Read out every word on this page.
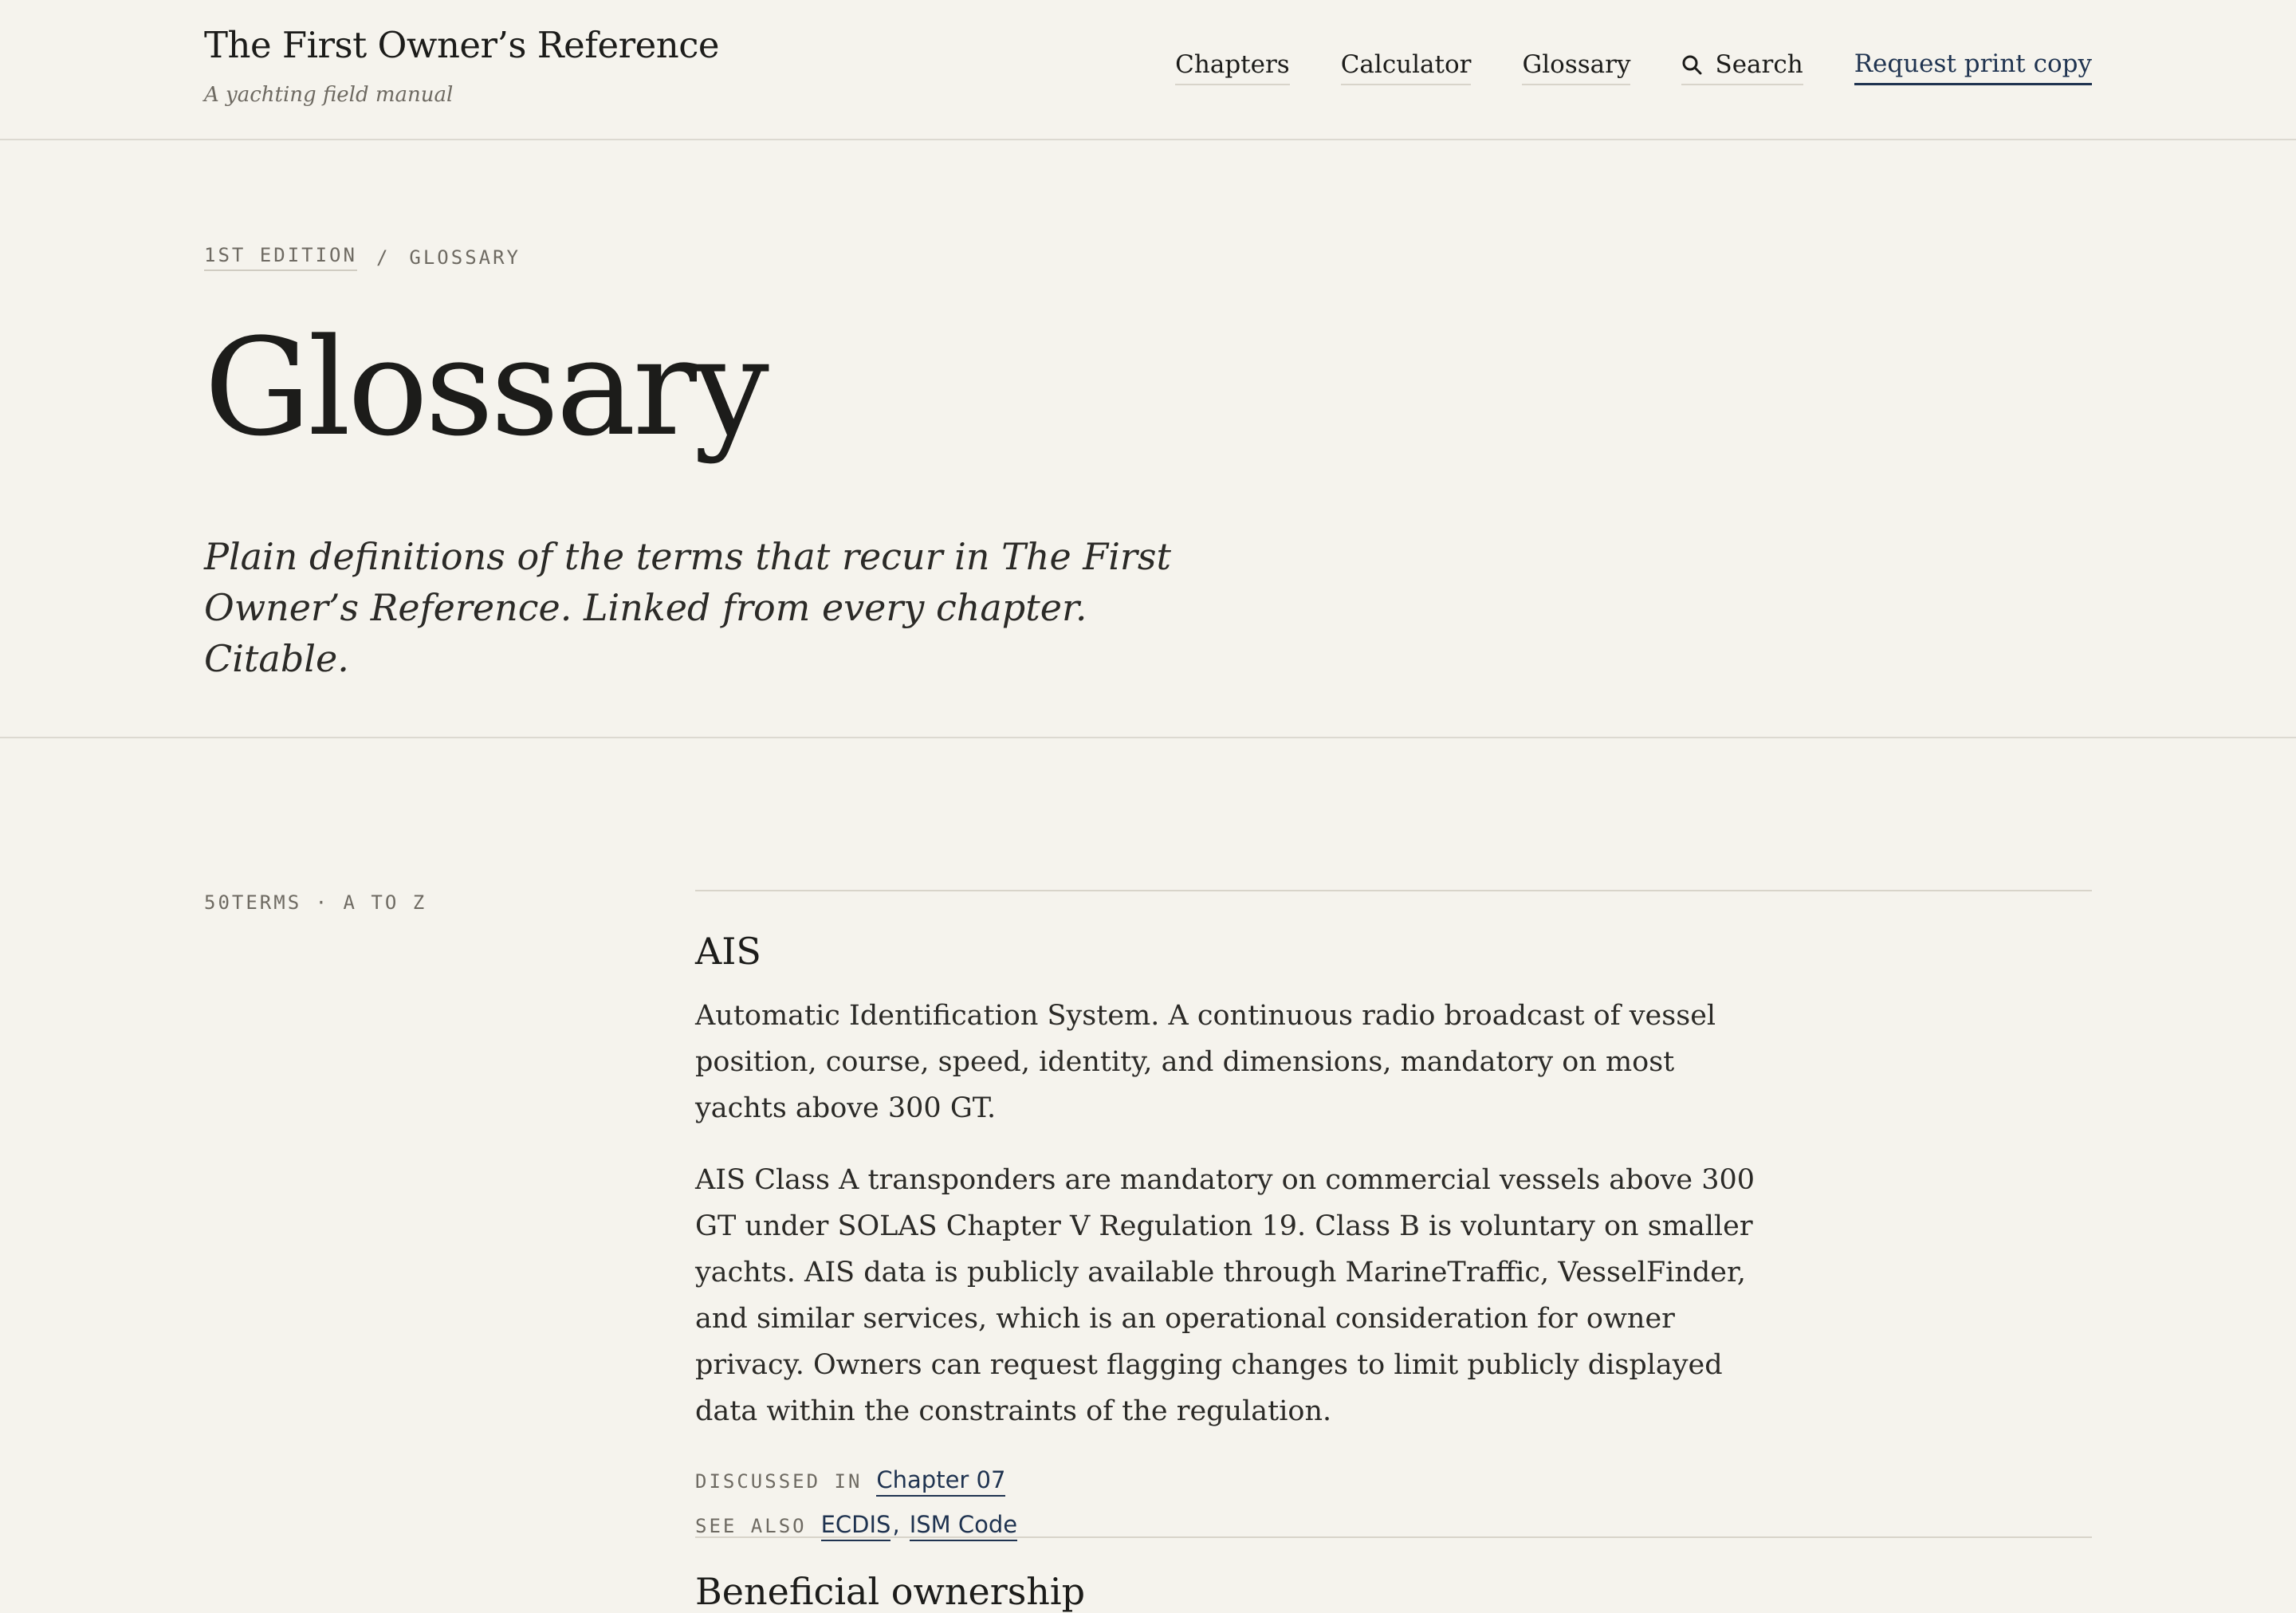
The First Owner’s Reference
A yachting field manual
Chapters Calculator Glossary	Search Request print copy
1ST EDITION / GLOSSARY
Glossary

Plain definitions of the terms that recur in The First Owner’s Reference. Linked from every chapter. Citable.

50TERMS · A TO Z
AIS

Automatic Identification System. A continuous radio broadcast of vessel position, course, speed, identity, and dimensions, mandatory on most yachts above 300 GT.

AIS Class A transponders are mandatory on commercial vessels above 300 GT under SOLAS Chapter V Regulation 19. Class B is voluntary on smaller yachts. AIS data is publicly available through MarineTraffic, VesselFinder, and similar services, which is an operational consideration for owner privacy. Owners can request flagging changes to limit publicly displayed data within the constraints of the regulation.

DISCUSSED IN Chapter 07
SEE ALSO ECDIS , ISM Code
Beneficial ownership
